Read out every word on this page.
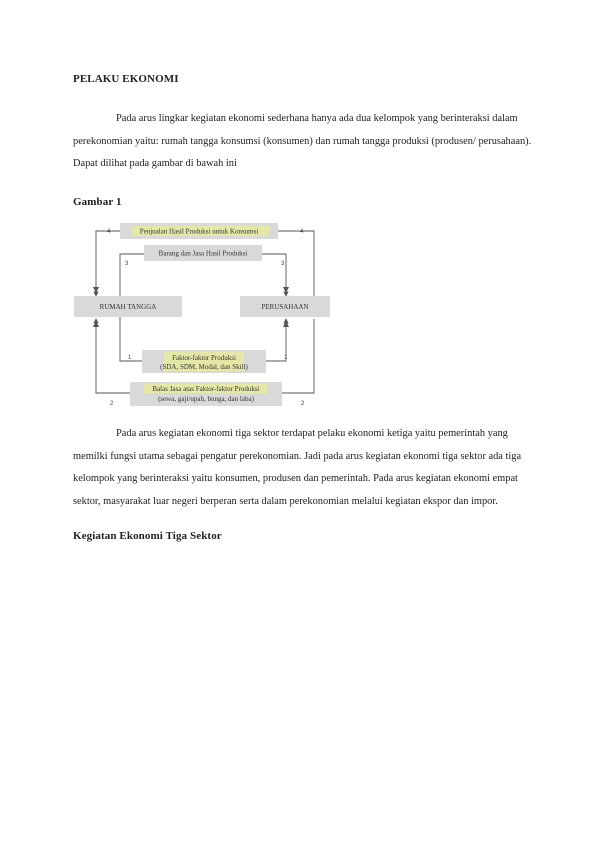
PELAKU EKONOMI
Pada arus lingkar kegiatan ekonomi sederhana hanya ada dua kelompok yang berinteraksi dalam perekonomian yaitu: rumah tangga konsumsi (konsumen) dan rumah tangga produksi (produsen/ perusahaan). Dapat dilihat pada gambar di bawah ini
Gambar 1
4	4
3	3
1	1
2	2
Penjualan Hasil Produksi untuk Konsumsi
Barang dan Jasa Hasil Produksi
RUMAH TANGGA	PERUSAHAAN
Faktor-faktor Produksi
(SDA, SDM, Modal, dan Skill)
Balas Jasa atas Faktor-faktor Produksi
(sewa, gaji/upah, bunga, dan laba)
Pada arus kegiatan ekonomi tiga sektor terdapat pelaku ekonomi ketiga yaitu pemerintah yang memilki fungsi utama sebagai pengatur perekonomian. Jadi pada arus kegiatan ekonomi tiga sektor ada tiga kelompok yang berinteraksi yaitu konsumen, produsen dan pemerintah. Pada arus kegiatan ekonomi empat sektor, masyarakat luar negeri berperan serta dalam perekonomian melalui kegiatan ekspor dan impor.
Kegiatan Ekonomi Tiga Sektor
